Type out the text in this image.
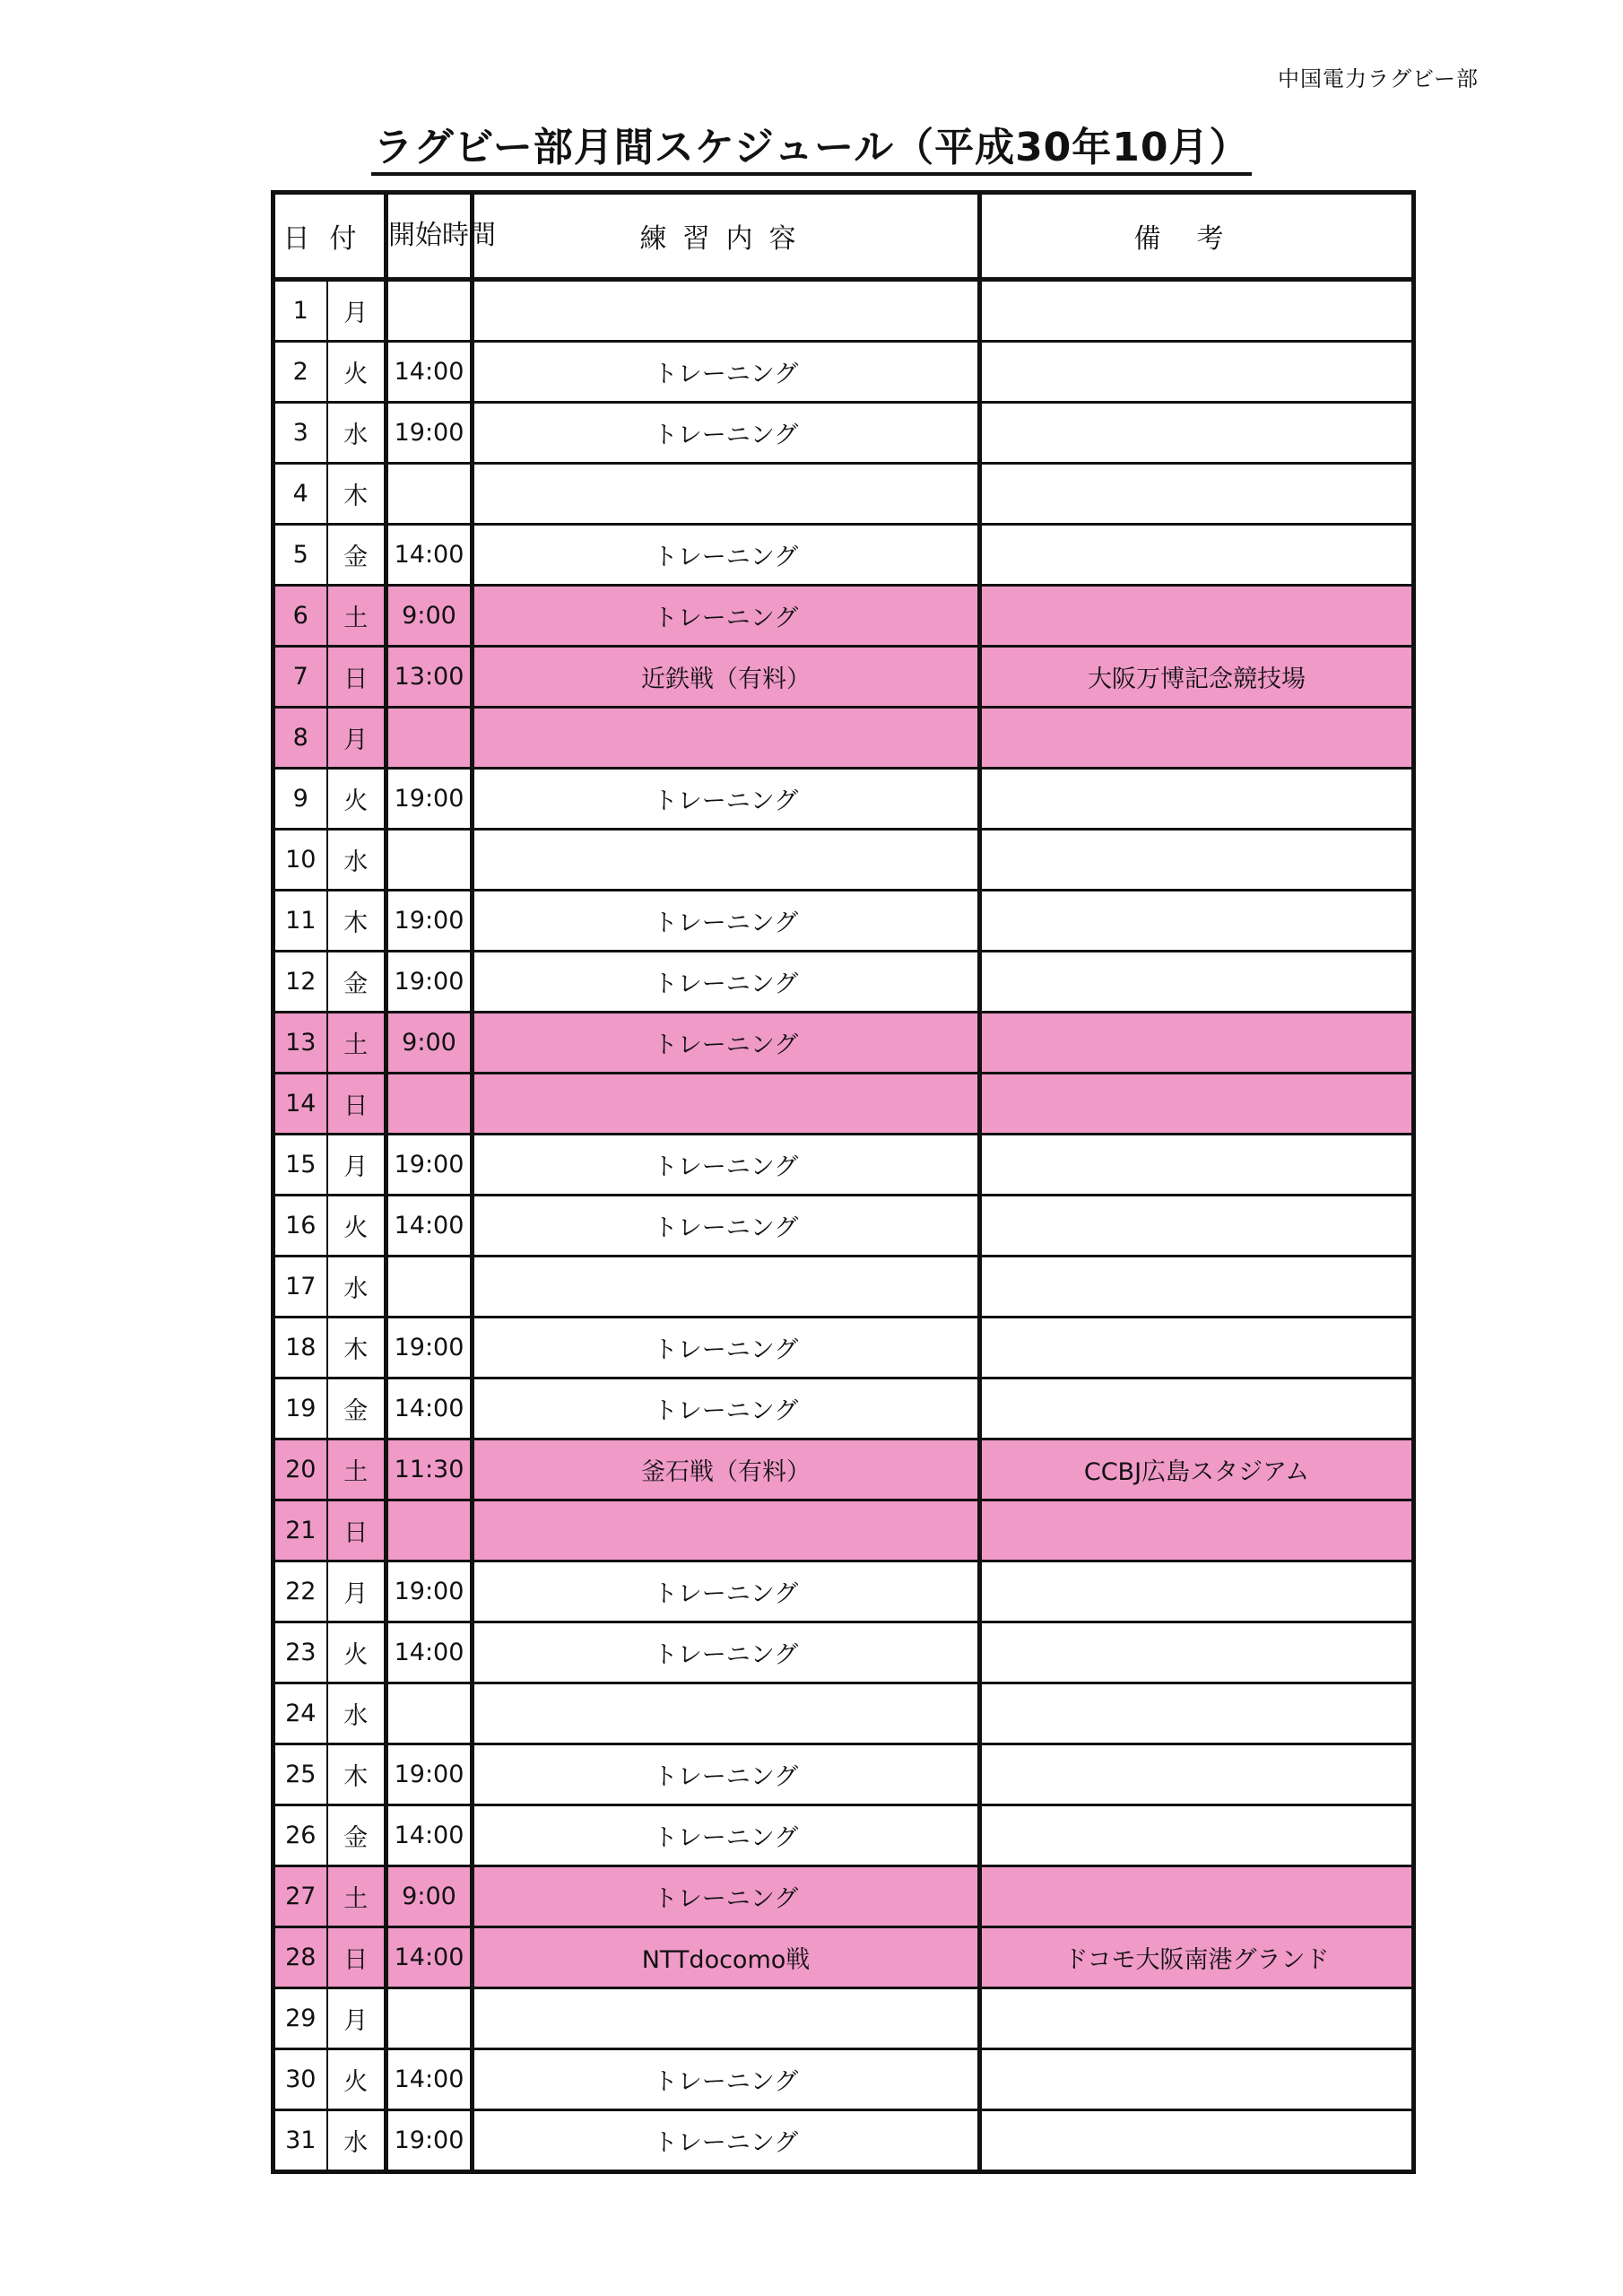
中国電力ラグビー部
ラグビー部月間スケジュール（平成30年10月）
日付		開始時間	練習内容	備考
1	月			
2	火	14:00	トレーニング	
3	水	19:00	トレーニング	
4	木			
5	金	14:00	トレーニング	
6	土	9:00	トレーニング	
7	日	13:00	近鉄戦（有料）	大阪万博記念競技場
8	月			
9	火	19:00	トレーニング	
10	水			
11	木	19:00	トレーニング	
12	金	19:00	トレーニング	
13	土	9:00	トレーニング	
14	日			
15	月	19:00	トレーニング	
16	火	14:00	トレーニング	
17	水			
18	木	19:00	トレーニング	
19	金	14:00	トレーニング	
20	土	11:30	釜石戦（有料）	CCBJ広島スタジアム
21	日			
22	月	19:00	トレーニング	
23	火	14:00	トレーニング	
24	水			
25	木	19:00	トレーニング	
26	金	14:00	トレーニング	
27	土	9:00	トレーニング	
28	日	14:00	NTTdocomo戦	ドコモ大阪南港グランド
29	月			
30	火	14:00	トレーニング	
31	水	19:00	トレーニング	
